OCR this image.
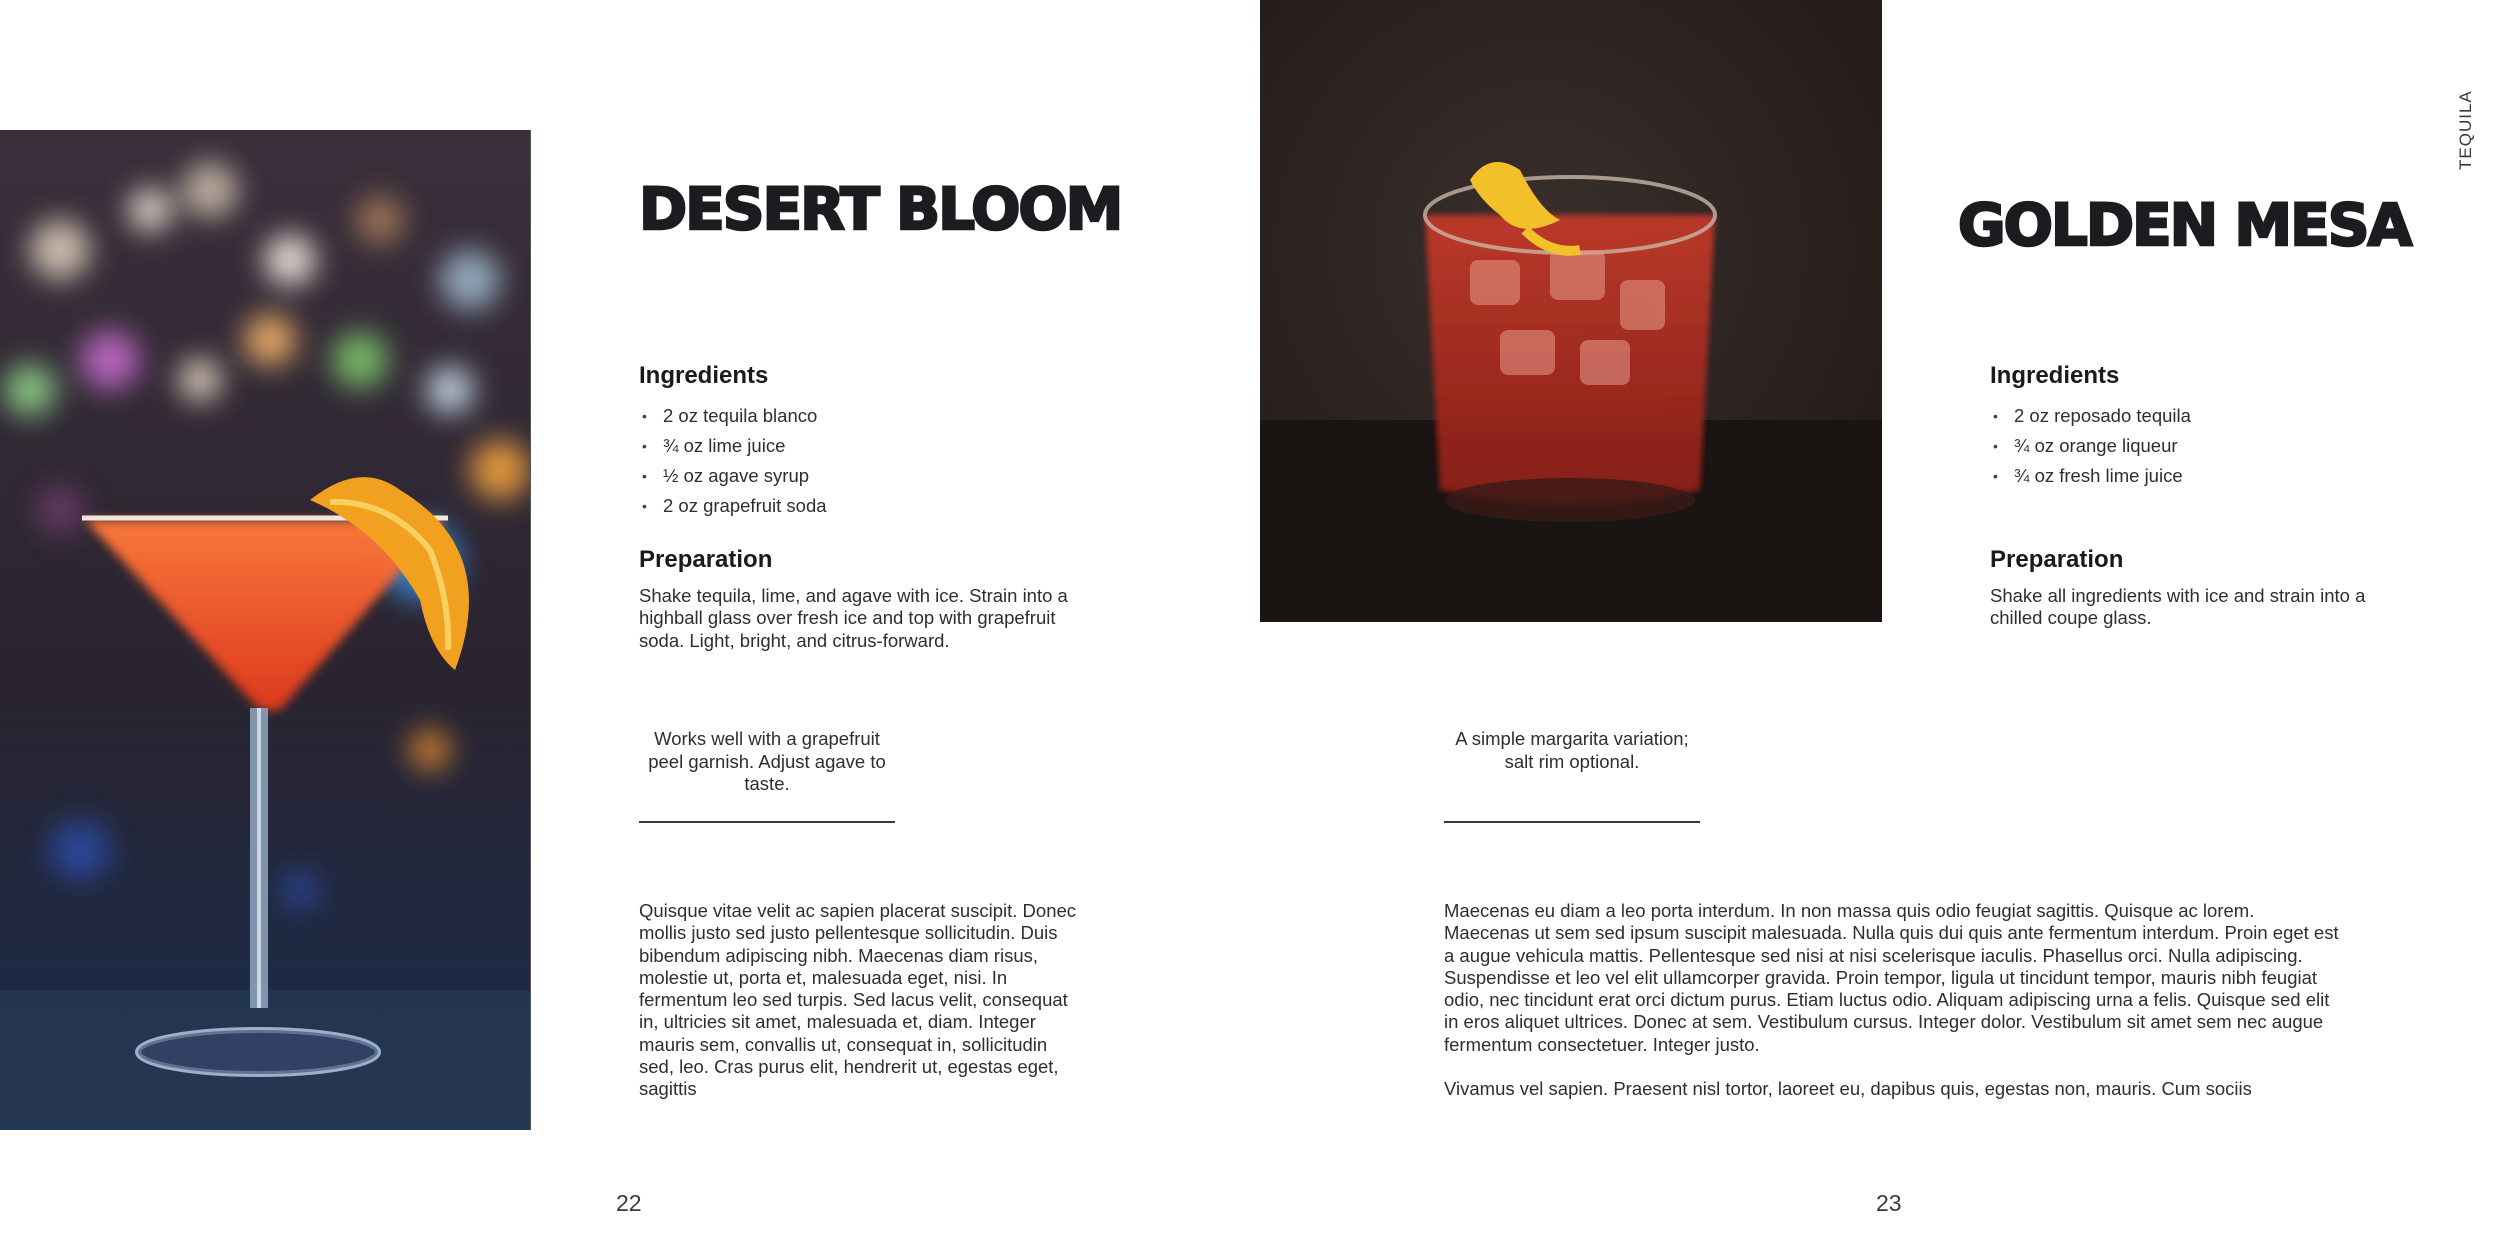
DESERT BLOOM
Ingredients
• 2 oz tequila blanco
• ¾ oz lime juice
• ½ oz agave syrup
• 2 oz grapefruit soda
Preparation
Shake tequila, lime, and agave with ice. Strain into a highball glass over fresh ice and top with grapefruit soda. Light, bright, and citrus-forward.
Works well with a grapefruit peel garnish. Adjust agave to taste.
Quisque vitae velit ac sapien placerat suscipit. Donec mollis justo sed justo pellentesque sollicitudin. Duis bibendum adipiscing nibh. Maecenas diam risus, molestie ut, porta et, malesuada eget, nisi. In fermentum leo sed turpis. Sed lacus velit, consequat in, ultricies sit amet, malesuada et, diam. Integer mauris sem, convallis ut, consequat in, sollicitudin sed, leo. Cras purus elit, hendrerit ut, egestas eget, sagittis
22
GOLDEN MESA
Ingredients
• 2 oz reposado tequila
• ¾ oz orange liqueur
• ¾ oz fresh lime juice
Preparation
Shake all ingredients with ice and strain into a chilled coupe glass.
A simple margarita variation; salt rim optional.
Maecenas eu diam a leo porta interdum. In non massa quis odio feugiat sagittis. Quisque ac lorem. Maecenas ut sem sed ipsum suscipit malesuada. Nulla quis dui quis ante fermentum interdum. Proin eget est a augue vehicula mattis. Pellentesque sed nisi at nisi scelerisque iaculis. Phasellus orci. Nulla adipiscing. Suspendisse et leo vel elit ullamcorper gravida. Proin tempor, ligula ut tincidunt tempor, mauris nibh feugiat odio, nec tincidunt erat orci dictum purus. Etiam luctus odio. Aliquam adipiscing urna a felis. Quisque sed elit in eros aliquet ultrices. Donec at sem. Vestibulum cursus. Integer dolor. Vestibulum sit amet sem nec augue fermentum consectetuer. Integer justo.
Vivamus vel sapien. Praesent nisl tortor, laoreet eu, dapibus quis, egestas non, mauris. Cum sociis
23
TEQUILA
